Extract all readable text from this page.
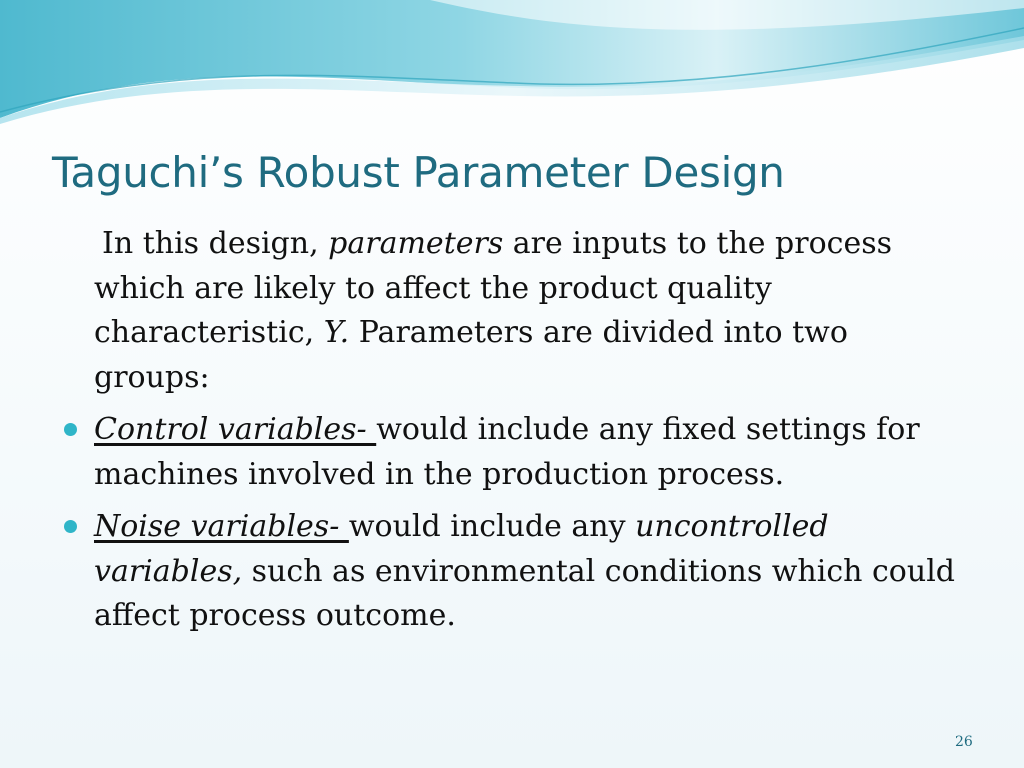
Taguchi’s Robust Parameter Design

In this design, parameters are inputs to the process which are likely to affect the product quality characteristic, Y. Parameters are divided into two groups:

Control variables- would include any fixed settings for machines involved in the production process.
Noise variables- would include any uncontrolled variables, such as environmental conditions which could affect process outcome.
26
